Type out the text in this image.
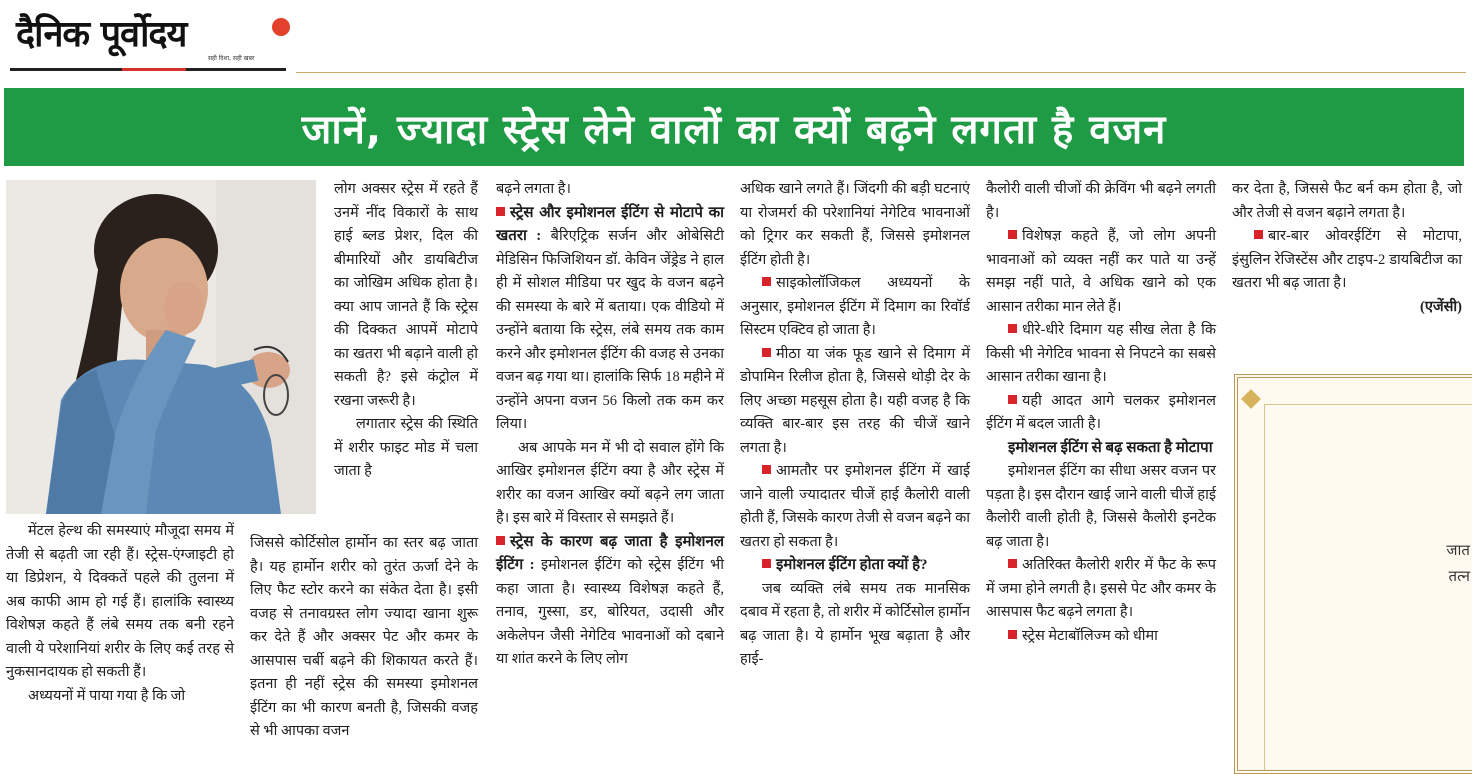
दैनिक पूर्वोदय
सही दिशा, सही खबर
जानें, ज्यादा स्ट्रेस लेने वालों का क्यों बढ़ने लगता है वजन

मेंटल हेल्थ की समस्याएं मौजूदा समय में तेजी से बढ़ती जा रही हैं। स्ट्रेस-एंग्जाइटी हो या डिप्रेशन, ये दिक्कतें पहले की तुलना में अब काफी आम हो गई हैं। हालांकि स्वास्थ्य विशेषज्ञ कहते हैं लंबे समय तक बनी रहने वाली ये परेशानियां शरीर के लिए कई तरह से नुकसानदायक हो सकती हैं।

अध्ययनों में पाया गया है कि जो

लोग अक्सर स्ट्रेस में रहते हैं उनमें नींद विकारों के साथ हाई ब्लड प्रेशर, दिल की बीमारियों और डायबिटीज का जोखिम अधिक होता है। क्या आप जानते हैं कि स्ट्रेस की दिक्कत आपमें मोटापे का खतरा भी बढ़ाने वाली हो सकती है? इसे कंट्रोल में रखना जरूरी है।

लगातार स्ट्रेस की स्थिति में शरीर फाइट मोड में चला जाता है

जिससे कोर्टिसोल हार्मोन का स्तर बढ़ जाता है। यह हार्मोन शरीर को तुरंत ऊर्जा देने के लिए फैट स्टोर करने का संकेत देता है। इसी वजह से तनावग्रस्त लोग ज्यादा खाना शुरू कर देते हैं और अक्सर पेट और कमर के आसपास चर्बी बढ़ने की शिकायत करते हैं। इतना ही नहीं स्ट्रेस की समस्या इमोशनल ईटिंग का भी कारण बनती है, जिसकी वजह से भी आपका वजन

बढ़ने लगता है।

स्ट्रेस और इमोशनल ईटिंग से मोटापे का खतरा : बैरिएट्रिक सर्जन और ओबेसिटी मेडिसिन फिजिशियन डॉ. केविन जेंड्रेड ने हाल ही में सोशल मीडिया पर खुद के वजन बढ़ने की समस्या के बारे में बताया। एक वीडियो में उन्होंने बताया कि स्ट्रेस, लंबे समय तक काम करने और इमोशनल ईटिंग की वजह से उनका वजन बढ़ गया था। हालांकि सिर्फ 18 महीने में उन्होंने अपना वजन 56 किलो तक कम कर लिया।

अब आपके मन में भी दो सवाल होंगे कि आखिर इमोशनल ईटिंग क्या है और स्ट्रेस में शरीर का वजन आखिर क्यों बढ़ने लग जाता है। इस बारे में विस्तार से समझते हैं।

स्ट्रेस के कारण बढ़ जाता है इमोशनल ईटिंग : इमोशनल ईटिंग को स्ट्रेस ईटिंग भी कहा जाता है। स्वास्थ्य विशेषज्ञ कहते हैं, तनाव, गुस्सा, डर, बोरियत, उदासी और अकेलेपन जैसी नेगेटिव भावनाओं को दबाने या शांत करने के लिए लोग

अधिक खाने लगते हैं। जिंदगी की बड़ी घटनाएं या रोजमर्रा की परेशानियां नेगेटिव भावनाओं को ट्रिगर कर सकती हैं, जिससे इमोशनल ईटिंग होती है।

साइकोलॉजिकल अध्ययनों के अनुसार, इमोशनल ईटिंग में दिमाग का रिवॉर्ड सिस्टम एक्टिव हो जाता है।

मीठा या जंक फूड खाने से दिमाग में डोपामिन रिलीज होता है, जिससे थोड़ी देर के लिए अच्छा महसूस होता है। यही वजह है कि व्यक्ति बार-बार इस तरह की चीजें खाने लगता है।

आमतौर पर इमोशनल ईटिंग में खाई जाने वाली ज्यादातर चीजें हाई कैलोरी वाली होती हैं, जिसके कारण तेजी से वजन बढ़ने का खतरा हो सकता है।

इमोशनल ईटिंग होता क्यों है?

जब व्यक्ति लंबे समय तक मानसिक दबाव में रहता है, तो शरीर में कोर्टिसोल हार्मोन बढ़ जाता है। ये हार्मोन भूख बढ़ाता है और हाई-

कैलोरी वाली चीजों की क्रेविंग भी बढ़ने लगती है।

विशेषज्ञ कहते हैं, जो लोग अपनी भावनाओं को व्यक्त नहीं कर पाते या उन्हें समझ नहीं पाते, वे अधिक खाने को एक आसान तरीका मान लेते हैं।

धीरे-धीरे दिमाग यह सीख लेता है कि किसी भी नेगेटिव भावना से निपटने का सबसे आसान तरीका खाना है।

यही आदत आगे चलकर इमोशनल ईटिंग में बदल जाती है।

इमोशनल ईटिंग से बढ़ सकता है मोटापा

इमोशनल ईटिंग का सीधा असर वजन पर पड़ता है। इस दौरान खाई जाने वाली चीजें हाई कैलोरी वाली होती है, जिससे कैलोरी इनटेक बढ़ जाता है।

अतिरिक्त कैलोरी शरीर में फैट के रूप में जमा होने लगती है। इससे पेट और कमर के आसपास फैट बढ़ने लगता है।

स्ट्रेस मेटाबॉलिज्म को धीमा

कर देता है, जिससे फैट बर्न कम होता है, जो और तेजी से वजन बढ़ाने लगता है।

बार-बार ओवरईटिंग से मोटापा, इंसुलिन रेजिस्टेंस और टाइप-2 डायबिटीज का खतरा भी बढ़ जाता है।

(एजेंसी)

जात
तत्न
